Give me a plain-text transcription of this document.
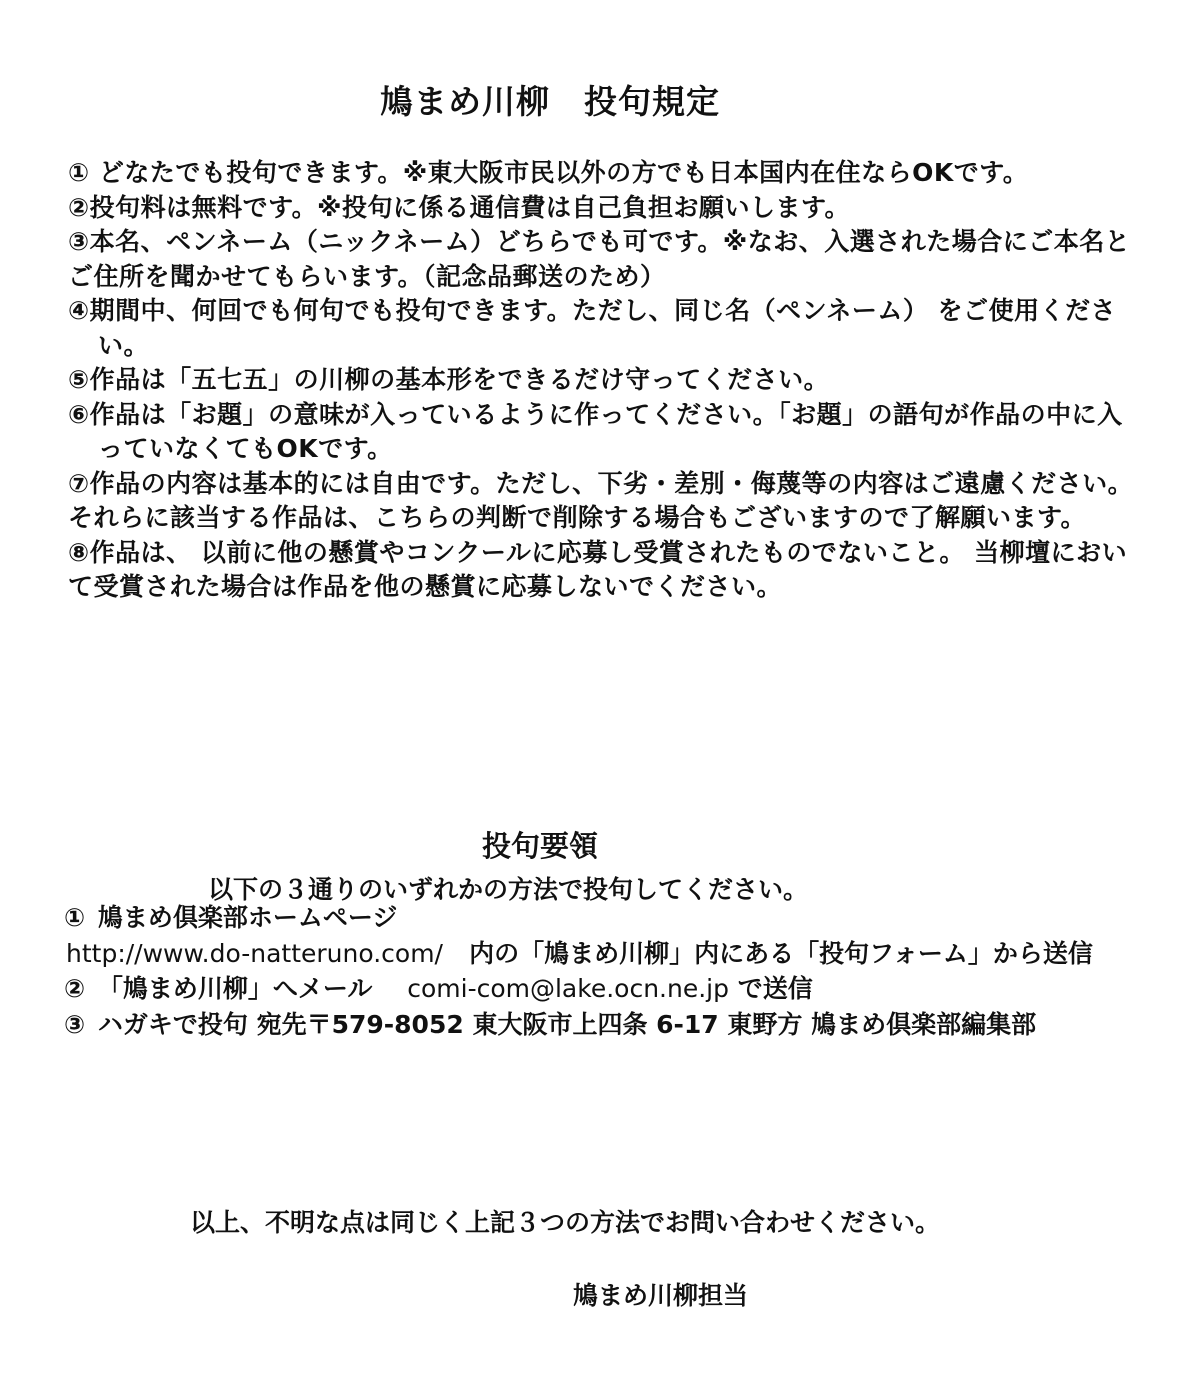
鳩まめ川柳　投句規定

① どなたでも投句できます。※東大阪市民以外の方でも日本国内在住ならOKです。

②投句料は無料です。※投句に係る通信費は自己負担お願いします。

③本名、ペンネーム（ニックネーム）どちらでも可です。※なお、入選された場合にご本名とご住所を聞かせてもらいます。（記念品郵送のため）

④期間中、何回でも何句でも投句できます。ただし、同じ名（ペンネーム） をご使用ください。

⑤作品は「五七五」の川柳の基本形をできるだけ守ってください。

⑥作品は「お題」の意味が入っているように作ってください。「お題」の語句が作品の中に入っていなくてもOKです。

⑦作品の内容は基本的には自由です。ただし、下劣・差別・侮蔑等の内容はご遠慮ください。それらに該当する作品は、こちらの判断で削除する場合もございますので了解願います。

⑧作品は、 以前に他の懸賞やコンクールに応募し受賞されたものでないこと。 当柳壇において受賞された場合は作品を他の懸賞に応募しないでください。

投句要領

以下の３通りのいずれかの方法で投句してください。

① 鳩まめ倶楽部ホームページ
http://www.do-natteruno.com/ 内の「鳩まめ川柳」内にある「投句フォーム」から送信

② 「鳩まめ川柳」へメール comi-com@lake.ocn.ne.jp で送信

③ ハガキで投句 宛先〒579-8052 東大阪市上四条 6-17 東野方 鳩まめ倶楽部編集部

以上、不明な点は同じく上記３つの方法でお問い合わせください。

鳩まめ川柳担当
